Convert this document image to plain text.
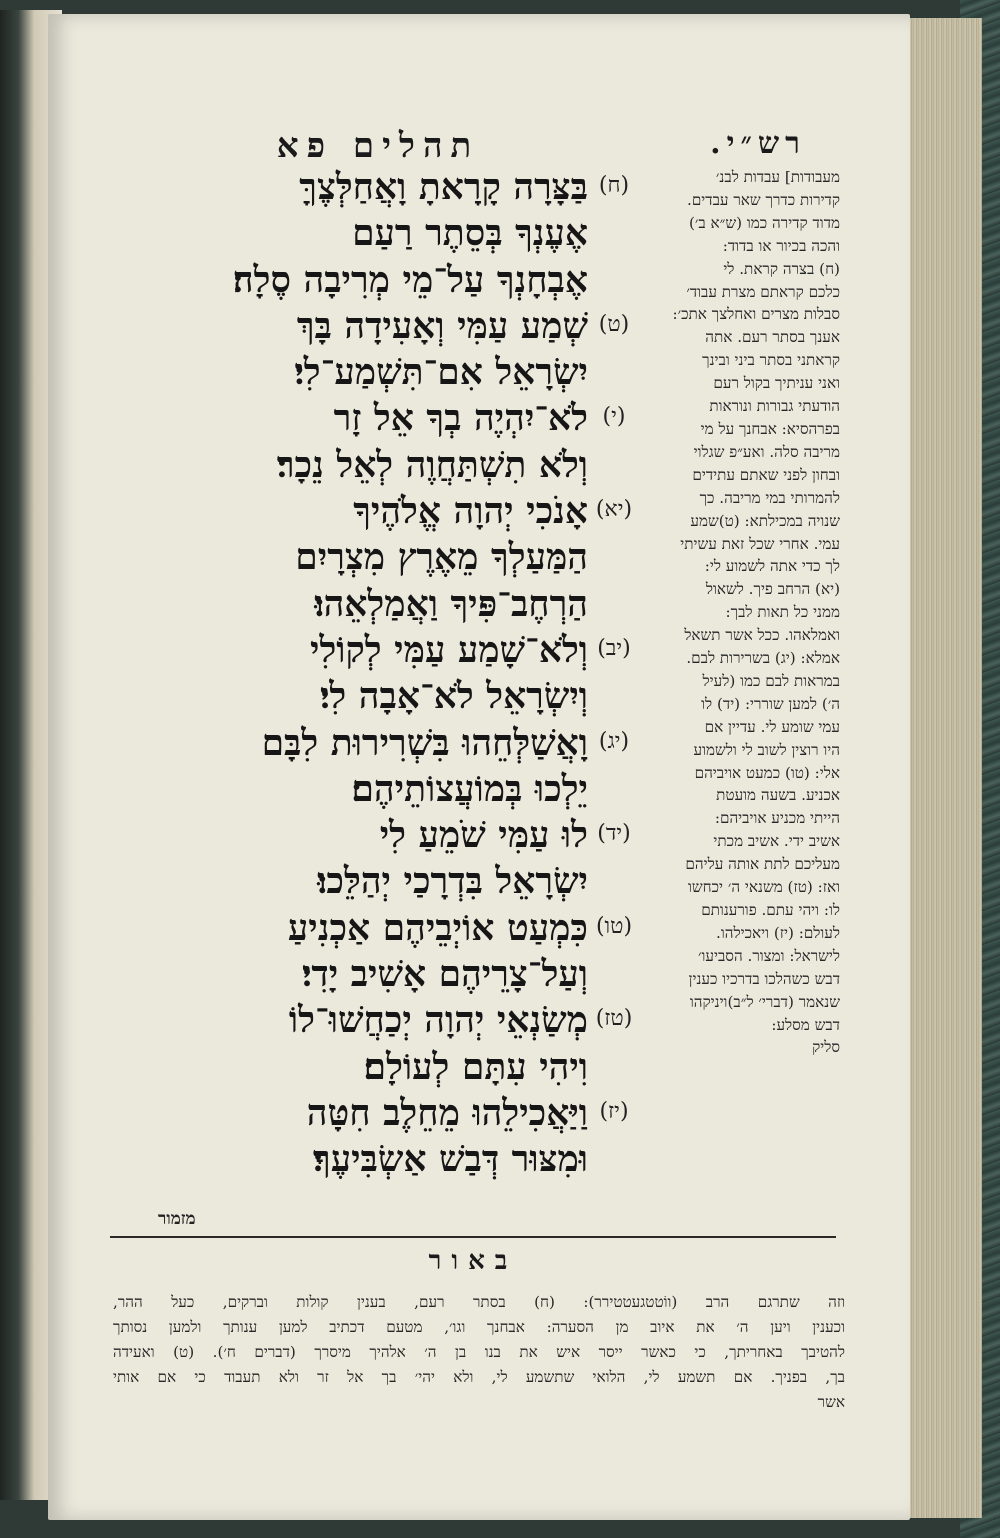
תהלים פא	רש״י.
(ח)
בַּצָּרָה קָרָאתָ וָאֲחַלְּצֶךָּ
אֶעֶנְךָ בְּסֵתֶר רַעַם
אֶבְחָנְךָ עַל־מֵי מְרִיבָה סֶלָה׃
(ט)
שְׁמַע עַמִּי וְאָעִידָה בָּךְ
יִשְׂרָאֵל אִם־תִּשְׁמַע־לִי׃
(י)
לֹא־יִהְיֶה בְךָ אֵל זָר
וְלֹא תִשְׁתַּחֲוֶה לְאֵל נֵכָר׃
(יא)
אָנֹכִי יְהוָה אֱלֹהֶיךָ
הַמַּעַלְךָ מֵאֶרֶץ מִצְרָיִם
הַרְחֶב־פִּיךָ וַאֲמַלְאֵהוּ׃
(יב)
וְלֹא־שָׁמַע עַמִּי לְקוֹלִי
וְיִשְׂרָאֵל לֹא־אָבָה לִי׃
(יג)
וָאֲשַׁלְּחֵהוּ בִּשְׁרִירוּת לִבָּם
יֵלְכוּ בְּמוֹעֲצוֹתֵיהֶם׃
(יד)
לוּ עַמִּי שֹׁמֵעַ לִי
יִשְׂרָאֵל בִּדְרָכַי יְהַלֵּכוּ׃
(טו)
כִּמְעַט אוֹיְבֵיהֶם אַכְנִיעַ
וְעַל־צָרֵיהֶם אָשִׁיב יָדִי׃
(טז)
מְשַׂנְאֵי יְהוָה יְכַחֲשׁוּ־לוֹ
וִיהִי עִתָּם לְעוֹלָם׃
(יז)
וַיַּאֲכִילֵהוּ מֵחֵלֶב חִטָּה
וּמִצּוּר דְּבַשׁ אַשְׂבִּיעֶךָ׃
מזמור
מעבודות] עבדות לבנ׳
קדירות כדרך שאר עבדים.
מדוד קדירה כמו (ש״א ב׳)
והכה בכיור או בדוד:
(ח) בצרה קראת. לי
כלכם קראתם מצרת עבוד׳
סבלות מצרים ואחלצך אתכ׳:
אענך בסתר רעם. אתה
קראתני בסתר ביני ובינך
ואני עניתיך בקול רעם
הודעתי גבורות ונוראות
בפרהסיא: אבחנך על מי
מריבה סלה. ואע״פ שגלוי
ובחון לפני שאתם עתידים
להמרותי במי מריבה. כך
שנויה במכילתא: (ט)שמע
עמי. אחרי שכל זאת עשיתי
לך כדי אתה לשמוע לי:
(יא) הרחב פיך. לשאול
ממני כל תאות לבך:
ואמלאהו. ככל אשר תשאל
אמלא: (יג) בשרירות לבם.
במראות לבם כמו (לעיל
ה׳) למען שוררי: (יד) לו
עמי שומע לי. עדיין אם
היו רוצין לשוב לי ולשמוע
אלי: (טו) כמעט אויביהם
אכניע. בשעה מועטת
הייתי מכניע אויביהם:
אשיב ידי. אשיב מכתי
מעליכם לתת אותה עליהם
ואז: (טז) משנאי ה׳ יכחשו
לו: ויהי עתם. פורענותם
לעולם: (יז) ויאכילהו.
לישראל: ומצור. הסביעו׳
דבש כשהלכו בדרכיו כענין
שנאמר (דברי׳ ל״ב)ויניקהו
דבש מסלע:
סליק
באור
וזה שתרגם הרב (ווֹטטגעטטירר): (ח) בסתר רעם, בענין קולות וברקים, כעל ההר,
וכענין ויען ה׳ את איוב מן הסערה: אבחנך וגו׳, מטעם דכתיב למען ענותך ולמען נסותך
להטיבך באחריתך, כי כאשר ייסר איש את בנו בן ה׳ אלהיך מיסרך (דברים ח׳). (ט) ואעידה
בך, בפניך. אם תשמע לי, הלואי שתשמע לי, ולא יהי׳ בך אל זר ולא תעבוד כי אם אותי
אשר
